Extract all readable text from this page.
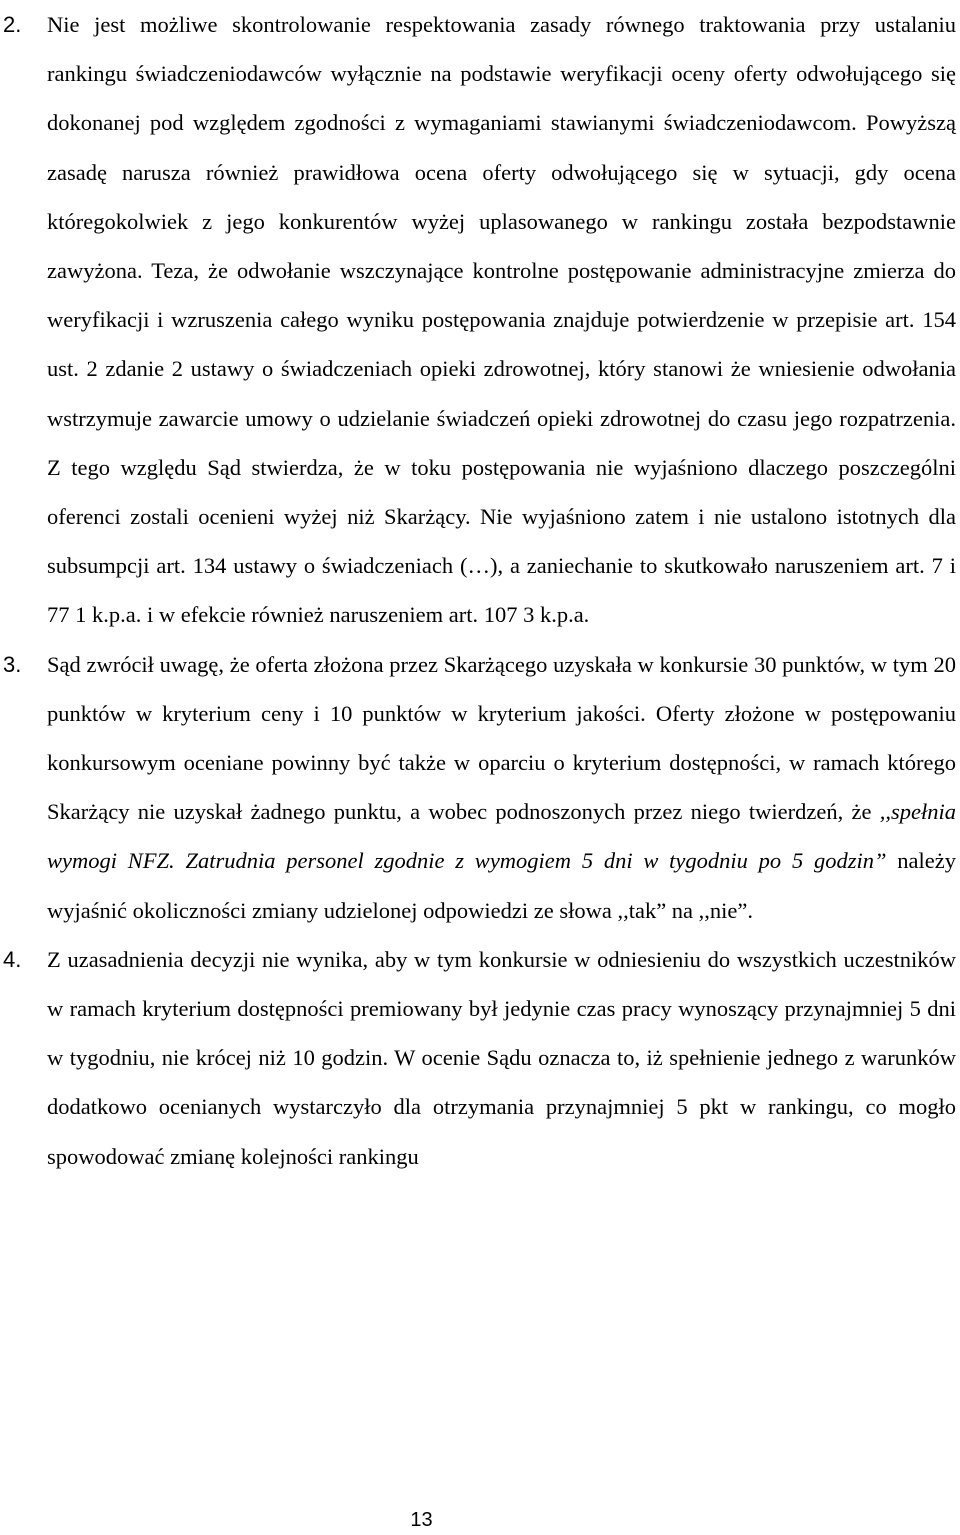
2. Nie jest możliwe skontrolowanie respektowania zasady równego traktowania przy ustalaniu rankingu świadczeniodawców wyłącznie na podstawie weryfikacji oceny oferty odwołującego się dokonanej pod względem zgodności z wymaganiami stawianymi świadczeniodawcom. Powyższą zasadę narusza również prawidłowa ocena oferty odwołującego się w sytuacji, gdy ocena któregokolwiek z jego konkurentów wyżej uplasowanego w rankingu została bezpodstawnie zawyżona. Teza, że odwołanie wszczynające kontrolne postępowanie administracyjne zmierza do weryfikacji i wzruszenia całego wyniku postępowania znajduje potwierdzenie w przepisie art. 154 ust. 2 zdanie 2 ustawy o świadczeniach opieki zdrowotnej, który stanowi że wniesienie odwołania wstrzymuje zawarcie umowy o udzielanie świadczeń opieki zdrowotnej do czasu jego rozpatrzenia. Z tego względu Sąd stwierdza, że w toku postępowania nie wyjaśniono dlaczego poszczególni oferenci zostali ocenieni wyżej niż Skarżący. Nie wyjaśniono zatem i nie ustalono istotnych dla subsumpcji art. 134 ustawy o świadczeniach (…), a zaniechanie to skutkowało naruszeniem art. 7 i 77 1 k.p.a. i w efekcie również naruszeniem art. 107 3 k.p.a.

3. Sąd zwrócił uwagę, że oferta złożona przez Skarżącego uzyskała w konkursie 30 punktów, w tym 20 punktów w kryterium ceny i 10 punktów w kryterium jakości. Oferty złożone w postępowaniu konkursowym oceniane powinny być także w oparciu o kryterium dostępności, w ramach którego Skarżący nie uzyskał żadnego punktu, a wobec podnoszonych przez niego twierdzeń, że ,,spełnia wymogi NFZ. Zatrudnia personel zgodnie z wymogiem 5 dni w tygodniu po 5 godzin” należy wyjaśnić okoliczności zmiany udzielonej odpowiedzi ze słowa ,,tak” na ,,nie”.

4. Z uzasadnienia decyzji nie wynika, aby w tym konkursie w odniesieniu do wszystkich uczestników w ramach kryterium dostępności premiowany był jedynie czas pracy wynoszący przynajmniej 5 dni w tygodniu, nie krócej niż 10 godzin. W ocenie Sądu oznacza to, iż spełnienie jednego z warunków dodatkowo ocenianych wystarczyło dla otrzymania przynajmniej 5 pkt w rankingu, co mogło spowodować zmianę kolejności rankingu

13
